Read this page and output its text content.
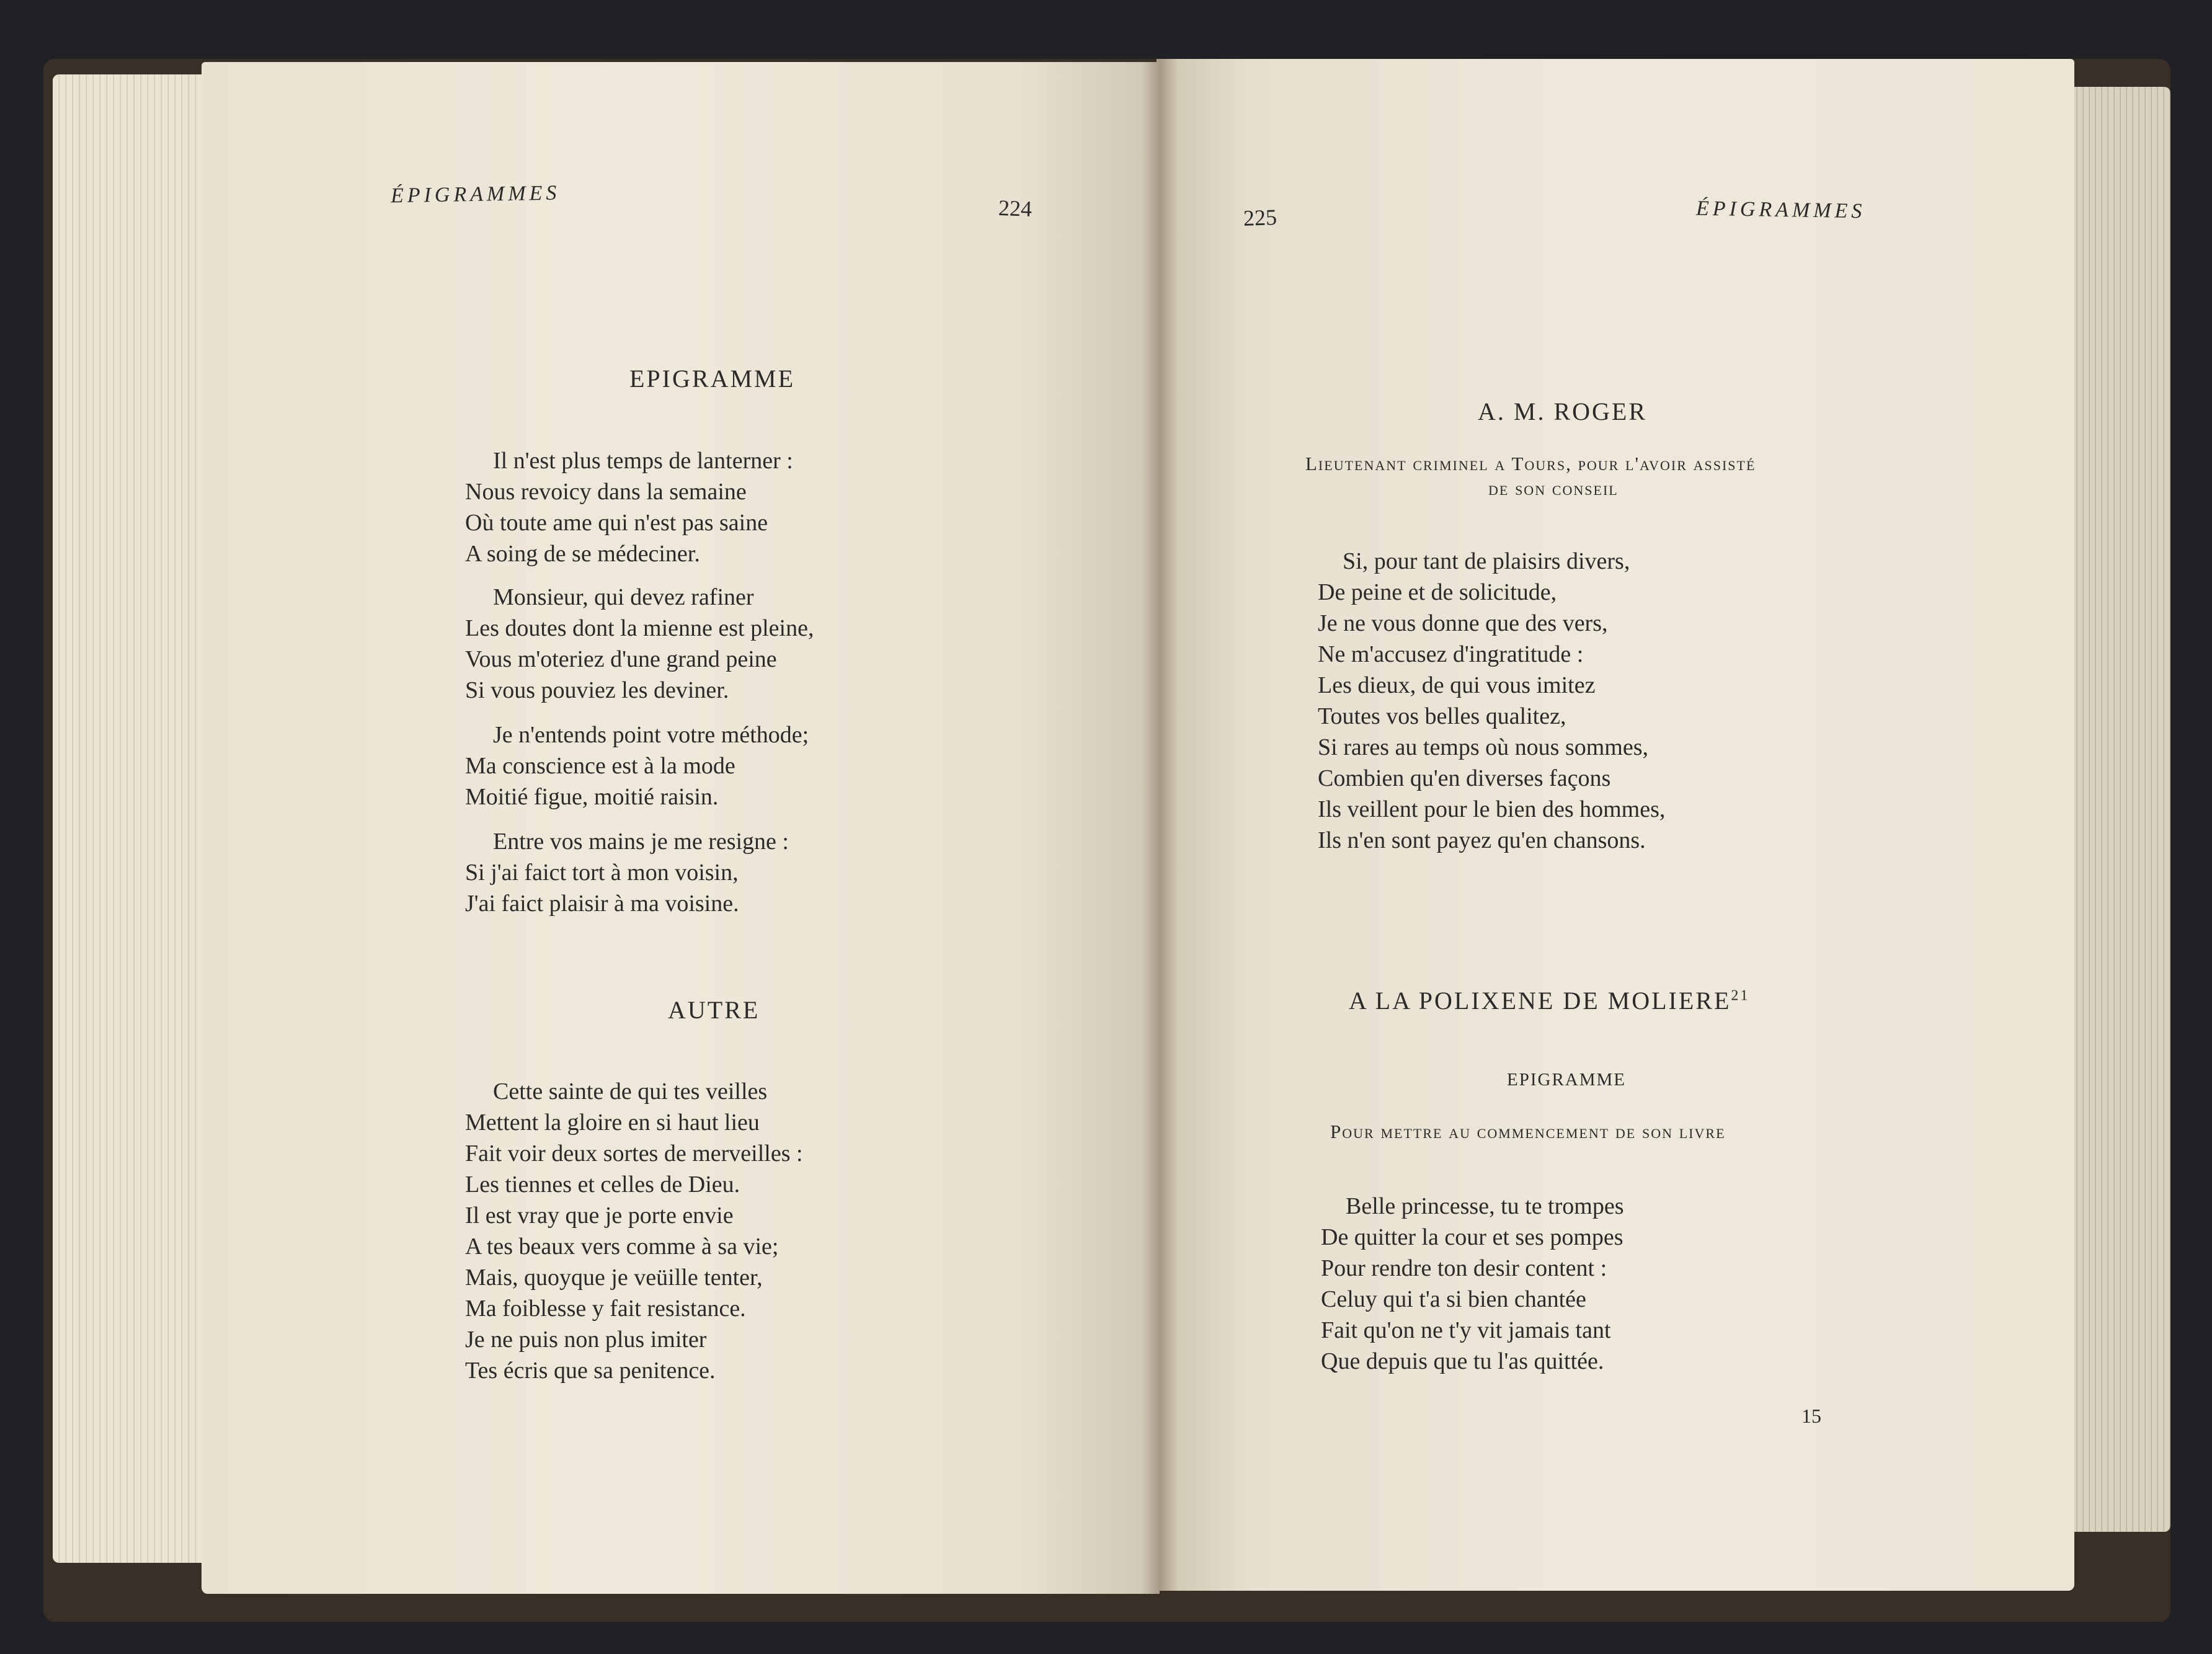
ÉPIGRAMMES
224
EPIGRAMME
Il n'est plus temps de lanterner :
Nous revoicy dans la semaine
Où toute ame qui n'est pas saine
A soing de se médeciner.
Monsieur, qui devez rafiner
Les doutes dont la mienne est pleine,
Vous m'oteriez d'une grand peine
Si vous pouviez les deviner.
Je n'entends point votre méthode;
Ma conscience est à la mode
Moitié figue, moitié raisin.
Entre vos mains je me resigne :
Si j'ai faict tort à mon voisin,
J'ai faict plaisir à ma voisine.
AUTRE
Cette sainte de qui tes veilles
Mettent la gloire en si haut lieu
Fait voir deux sortes de merveilles :
Les tiennes et celles de Dieu.
Il est vray que je porte envie
A tes beaux vers comme à sa vie;
Mais, quoyque je veüille tenter,
Ma foiblesse y fait resistance.
Je ne puis non plus imiter
Tes écris que sa penitence.
225	ÉPIGRAMMES
A. M. ROGER
Lieutenant criminel a Tours, pour l'avoir assisté
de son conseil
Si, pour tant de plaisirs divers,
De peine et de solicitude,
Je ne vous donne que des vers,
Ne m'accusez d'ingratitude :
Les dieux, de qui vous imitez
Toutes vos belles qualitez,
Si rares au temps où nous sommes,
Combien qu'en diverses façons
Ils veillent pour le bien des hommes,
Ils n'en sont payez qu'en chansons.
A LA POLIXENE DE MOLIERE$^{21}$
EPIGRAMME
Pour mettre au commencement de son livre
Belle princesse, tu te trompes
De quitter la cour et ses pompes
Pour rendre ton desir content :
Celuy qui t'a si bien chantée
Fait qu'on ne t'y vit jamais tant
Que depuis que tu l'as quittée.
15
